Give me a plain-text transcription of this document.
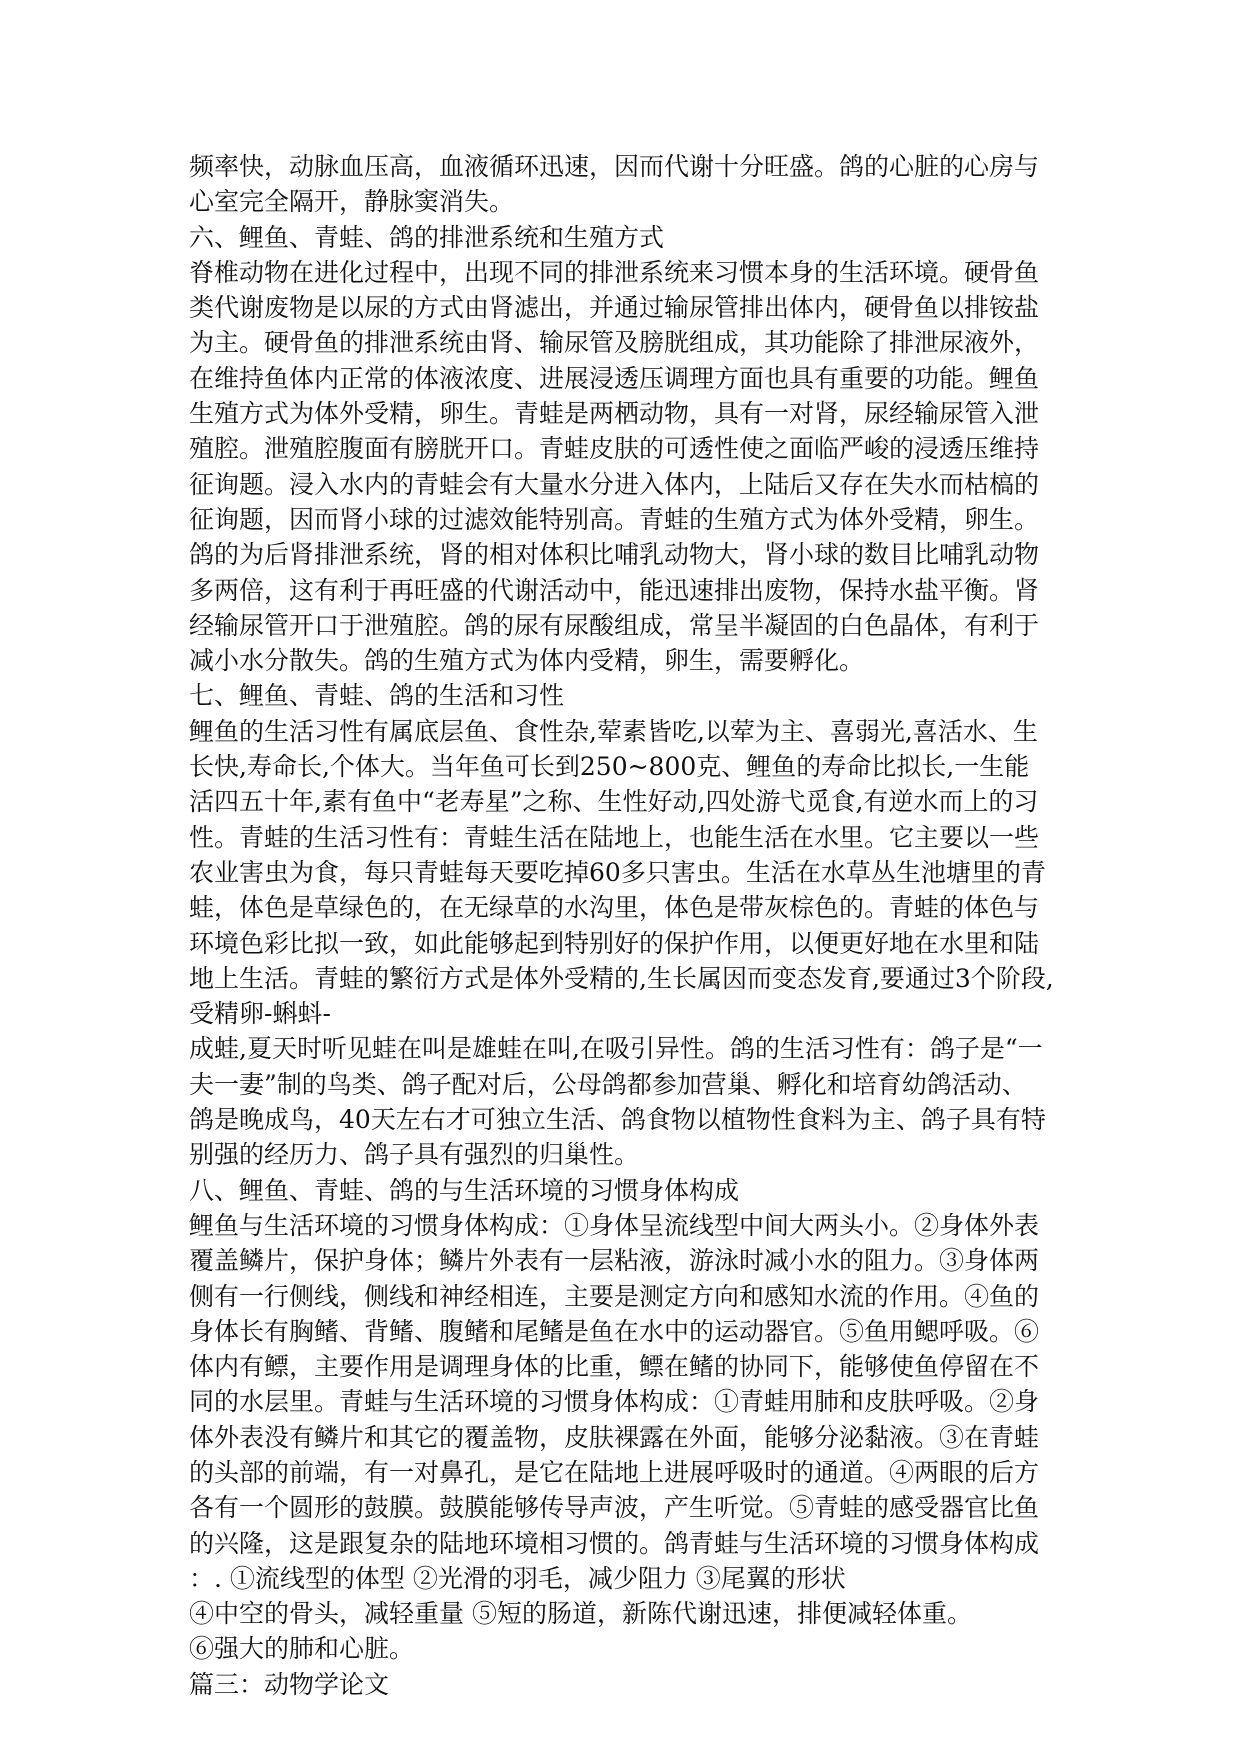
频率快，动脉血压高，血液循环迅速，因而代谢十分旺盛。鸽的心脏的心房与
心室完全隔开，静脉窦消失。
六、鲤鱼、青蛙、鸽的排泄系统和生殖方式
脊椎动物在进化过程中，出现不同的排泄系统来习惯本身的生活环境。硬骨鱼
类代谢废物是以尿的方式由肾滤出，并通过输尿管排出体内，硬骨鱼以排铵盐
为主。硬骨鱼的排泄系统由肾、输尿管及膀胱组成，其功能除了排泄尿液外，
在维持鱼体内正常的体液浓度、进展浸透压调理方面也具有重要的功能。鲤鱼
生殖方式为体外受精，卵生。青蛙是两栖动物，具有一对肾，尿经输尿管入泄
殖腔。泄殖腔腹面有膀胱开口。青蛙皮肤的可透性使之面临严峻的浸透压维持
征询题。浸入水内的青蛙会有大量水分进入体内，上陆后又存在失水而枯槁的
征询题，因而肾小球的过滤效能特别高。青蛙的生殖方式为体外受精，卵生。
鸽的为后肾排泄系统，肾的相对体积比哺乳动物大，肾小球的数目比哺乳动物
多两倍，这有利于再旺盛的代谢活动中，能迅速排出废物，保持水盐平衡。肾
经输尿管开口于泄殖腔。鸽的尿有尿酸组成，常呈半凝固的白色晶体，有利于
减小水分散失。鸽的生殖方式为体内受精，卵生，需要孵化。
七、鲤鱼、青蛙、鸽的生活和习性
鲤鱼的生活习性有属底层鱼、食性杂,荤素皆吃,以荤为主、喜弱光,喜活水、生
长快,寿命长,个体大。当年鱼可长到250~800克、鲤鱼的寿命比拟长,一生能
活四五十年,素有鱼中“老寿星”之称、生性好动,四处游弋觅食,有逆水而上的习
性。青蛙的生活习性有：青蛙生活在陆地上，也能生活在水里。它主要以一些
农业害虫为食，每只青蛙每天要吃掉60多只害虫。生活在水草丛生池塘里的青
蛙，体色是草绿色的，在无绿草的水沟里，体色是带灰棕色的。青蛙的体色与
环境色彩比拟一致，如此能够起到特别好的保护作用，以便更好地在水里和陆
地上生活。青蛙的繁衍方式是体外受精的,生长属因而变态发育,要通过3个阶段,
受精卵-蝌蚪-
成蛙,夏天时听见蛙在叫是雄蛙在叫,在吸引异性。鸽的生活习性有：鸽子是“一
夫一妻”制的鸟类、鸽子配对后，公母鸽都参加营巢、孵化和培育幼鸽活动、
鸽是晚成鸟，40天左右才可独立生活、鸽食物以植物性食料为主、鸽子具有特
别强的经历力、鸽子具有强烈的归巢性。
八、鲤鱼、青蛙、鸽的与生活环境的习惯身体构成
鲤鱼与生活环境的习惯身体构成：①身体呈流线型中间大两头小。②身体外表
覆盖鳞片，保护身体；鳞片外表有一层粘液，游泳时减小水的阻力。③身体两
侧有一行侧线，侧线和神经相连，主要是测定方向和感知水流的作用。④鱼的
身体长有胸鳍、背鳍、腹鳍和尾鳍是鱼在水中的运动器官。⑤鱼用鳃呼吸。⑥
体内有鳔，主要作用是调理身体的比重，鳔在鳍的协同下，能够使鱼停留在不
同的水层里。青蛙与生活环境的习惯身体构成：①青蛙用肺和皮肤呼吸。②身
体外表没有鳞片和其它的覆盖物，皮肤裸露在外面，能够分泌黏液。③在青蛙
的头部的前端，有一对鼻孔，是它在陆地上进展呼吸时的通道。④两眼的后方
各有一个圆形的鼓膜。鼓膜能够传导声波，产生听觉。⑤青蛙的感受器官比鱼
的兴隆，这是跟复杂的陆地环境相习惯的。鸽青蛙与生活环境的习惯身体构成
：. ①流线型的体型 ②光滑的羽毛，减少阻力 ③尾翼的形状
④中空的骨头，减轻重量 ⑤短的肠道，新陈代谢迅速，排便减轻体重。
⑥强大的肺和心脏。
篇三：动物学论文
